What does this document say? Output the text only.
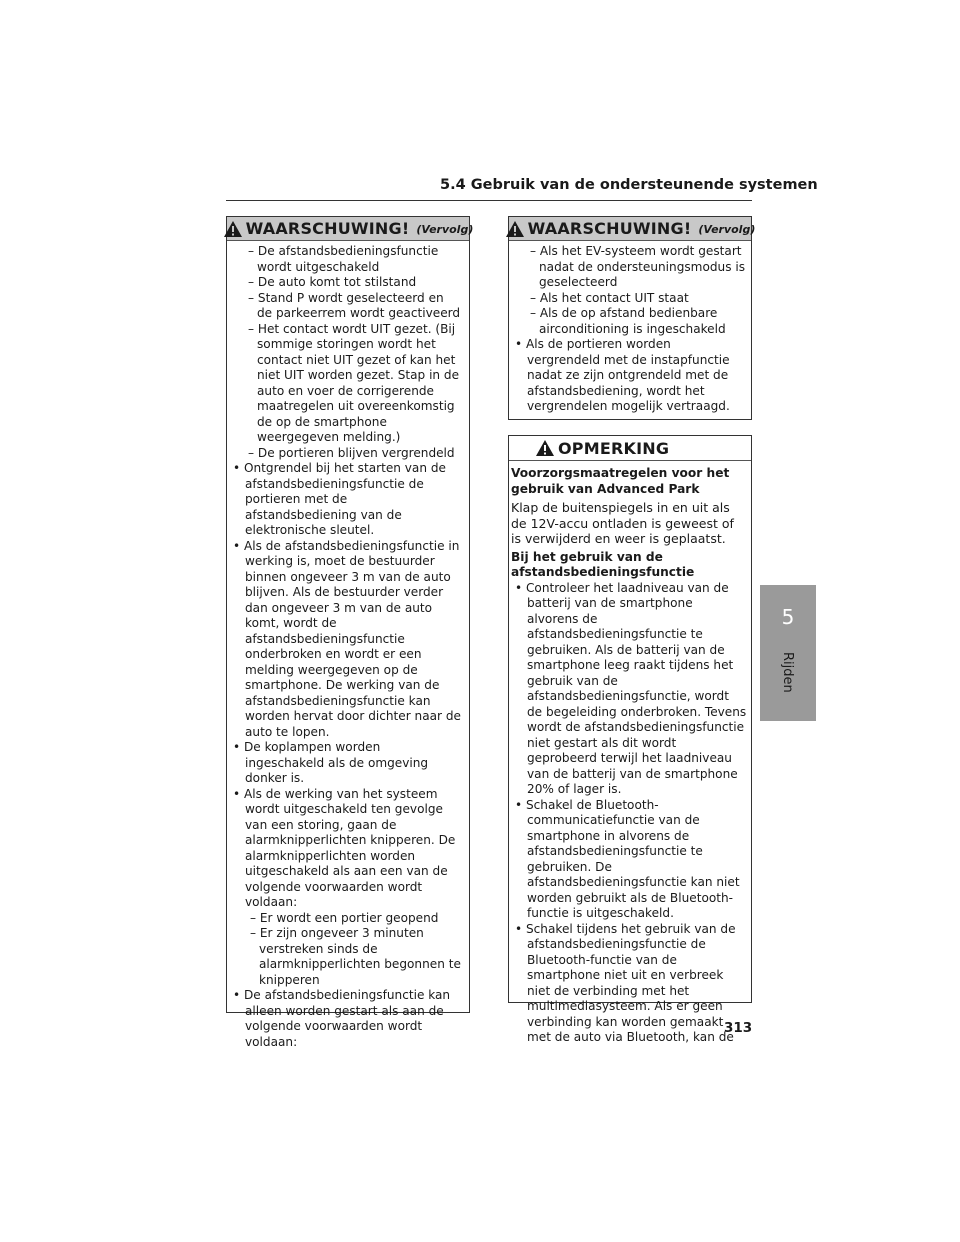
5.4 Gebruik van de ondersteunende systemen
WAARSCHUWING! (Vervolg)

– De afstandsbedieningsfunctie wordt uitgeschakeld

– De auto komt tot stilstand

– Stand P wordt geselecteerd en de parkeerrem wordt geactiveerd

– Het contact wordt UIT gezet. (Bij sommige storingen wordt het contact niet UIT gezet of kan het niet UIT worden gezet. Stap in de auto en voer de corrigerende maatregelen uit overeenkomstig de op de smartphone weergegeven melding.)

– De portieren blijven vergrendeld

• Ontgrendel bij het starten van de afstandsbedieningsfunctie de portieren met de afstandsbediening van de elektronische sleutel.

• Als de afstandsbedieningsfunctie in werking is, moet de bestuurder binnen ongeveer 3 m van de auto blijven. Als de bestuurder verder dan ongeveer 3 m van de auto komt, wordt de afstandsbedieningsfunctie onderbroken en wordt er een melding weergegeven op de smartphone. De werking van de afstandsbedieningsfunctie kan worden hervat door dichter naar de auto te lopen.

• De koplampen worden ingeschakeld als de omgeving donker is.

• Als de werking van het systeem wordt uitgeschakeld ten gevolge van een storing, gaan de alarmknipperlichten knipperen. De alarmknipperlichten worden uitgeschakeld als aan een van de volgende voorwaarden wordt voldaan:

– Er wordt een portier geopend

– Er zijn ongeveer 3 minuten verstreken sinds de alarmknipperlichten begonnen te knipperen

• De afstandsbedieningsfunctie kan alleen worden gestart als aan de volgende voorwaarden wordt voldaan:

WAARSCHUWING! (Vervolg)

– Als het EV-systeem wordt gestart nadat de ondersteuningsmodus is geselecteerd

– Als het contact UIT staat

– Als de op afstand bedienbare airconditioning is ingeschakeld

• Als de portieren worden vergrendeld met de instapfunctie nadat ze zijn ontgrendeld met de afstandsbediening, wordt het vergrendelen mogelijk vertraagd.

OPMERKING

Voorzorgsmaatregelen voor het gebruik van Advanced Park

Klap de buitenspiegels in en uit als de 12V-accu ontladen is geweest of is verwijderd en weer is geplaatst.

Bij het gebruik van de afstandsbedieningsfunctie

• Controleer het laadniveau van de batterij van de smartphone alvorens de afstandsbedieningsfunctie te gebruiken. Als de batterij van de smartphone leeg raakt tijdens het gebruik van de afstandsbedieningsfunctie, wordt de begeleiding onderbroken. Tevens wordt de afstandsbedieningsfunctie niet gestart als dit wordt geprobeerd terwijl het laadniveau van de batterij van de smartphone 20% of lager is.

• Schakel de Bluetooth-communicatiefunctie van de smartphone in alvorens de afstandsbedieningsfunctie te gebruiken. De afstandsbedieningsfunctie kan niet worden gebruikt als de Bluetooth-functie is uitgeschakeld.

• Schakel tijdens het gebruik van de afstandsbedieningsfunctie de Bluetooth-functie van de smartphone niet uit en verbreek niet de verbinding met het multimediasysteem. Als er geen verbinding kan worden gemaakt met de auto via Bluetooth, kan de

5
Rijden
313
